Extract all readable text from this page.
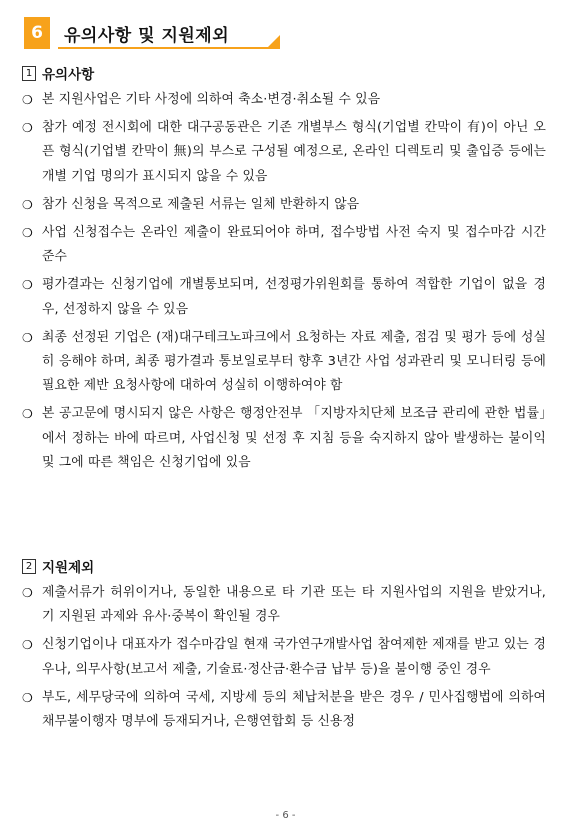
6	유의사항 및 지원제외
1 유의사항
❍ 본 지원사업은 기타 사정에 의하여 축소·변경·취소될 수 있음
❍ 참가 예정 전시회에 대한 대구공동관은 기존 개별부스 형식(기업별 칸막이 有)이 아닌 오픈 형식(기업별 칸막이 無)의 부스로 구성될 예정으로, 온라인 디렉토리 및 출입증 등에는 개별 기업 명의가 표시되지 않을 수 있음
❍ 참가 신청을 목적으로 제출된 서류는 일체 반환하지 않음
❍ 사업 신청접수는 온라인 제출이 완료되어야 하며, 접수방법 사전 숙지 및 접수마감 시간 준수
❍ 평가결과는 신청기업에 개별통보되며, 선정평가위원회를 통하여 적합한 기업이 없을 경우, 선정하지 않을 수 있음
❍ 최종 선정된 기업은 (재)대구테크노파크에서 요청하는 자료 제출, 점검 및 평가 등에 성실히 응해야 하며, 최종 평가결과 통보일로부터 향후 3년간 사업 성과관리 및 모니터링 등에 필요한 제반 요청사항에 대하여 성실히 이행하여야 함
❍ 본 공고문에 명시되지 않은 사항은 행정안전부 「지방자치단체 보조금 관리에 관한 법률」에서 정하는 바에 따르며, 사업신청 및 선정 후 지침 등을 숙지하지 않아 발생하는 불이익 및 그에 따른 책임은 신청기업에 있음
2 지원제외
❍ 제출서류가 허위이거나, 동일한 내용으로 타 기관 또는 타 지원사업의 지원을 받았거나, 기 지원된 과제와 유사·중복이 확인될 경우
❍ 신청기업이나 대표자가 접수마감일 현재 국가연구개발사업 참여제한 제재를 받고 있는 경우나, 의무사항(보고서 제출, 기술료·정산금·환수금 납부 등)을 불이행 중인 경우
❍ 부도, 세무당국에 의하여 국세, 지방세 등의 체납처분을 받은 경우 / 민사집행법에 의하여 채무불이행자 명부에 등재되거나, 은행연합회 등 신용정
- 6 -
